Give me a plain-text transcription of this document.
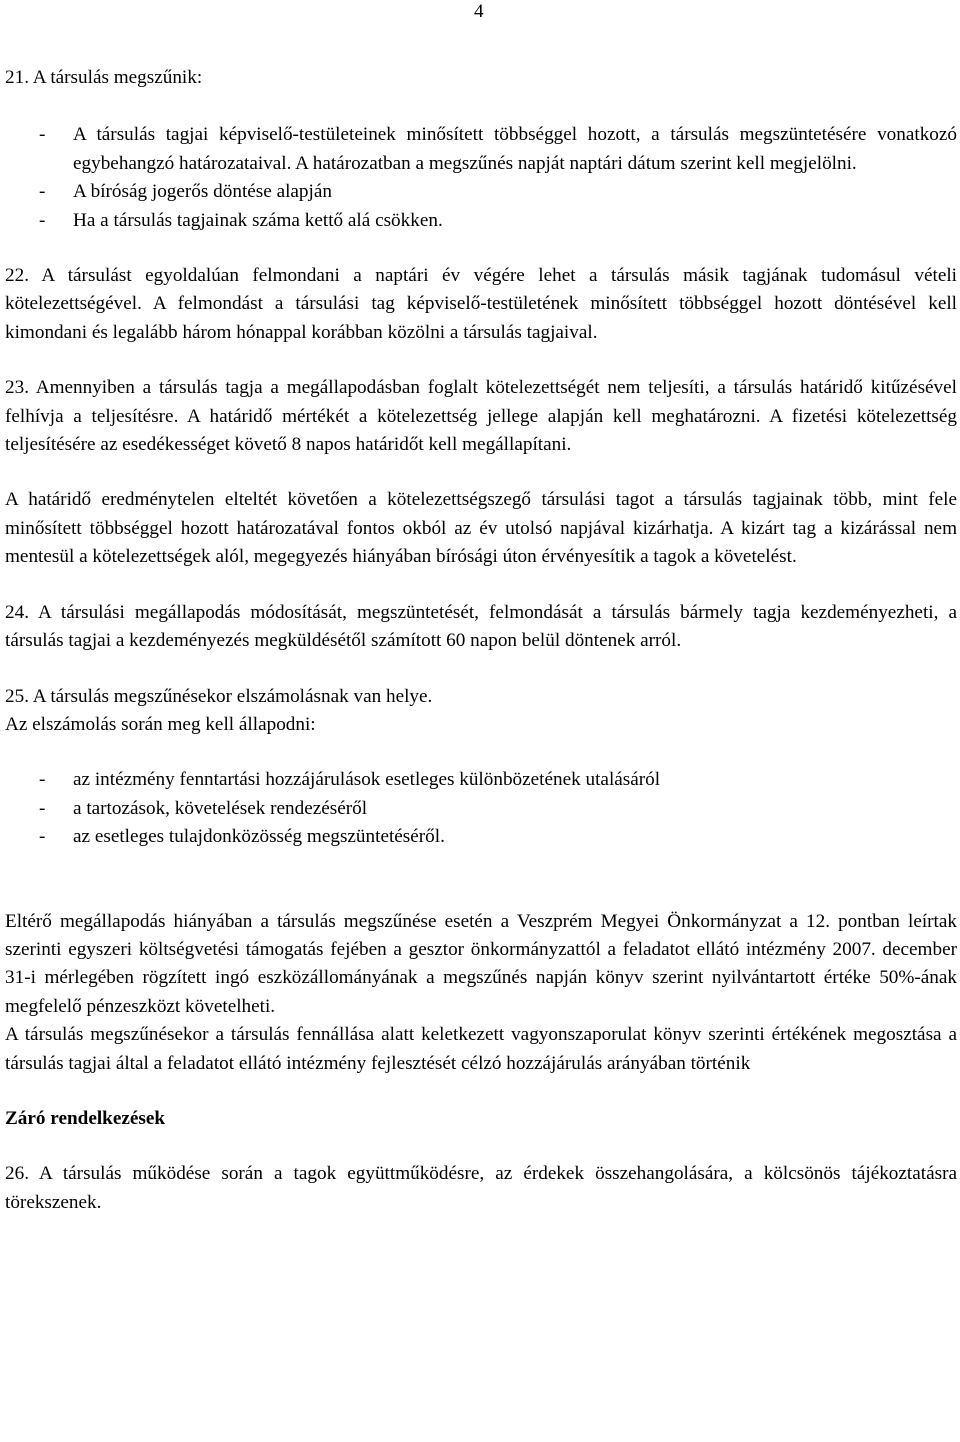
4

21. A társulás megszűnik:

-	A társulás tagjai képviselő-testületeinek minősített többséggel hozott, a társulás megszüntetésére vonatkozó egybehangzó határozataival. A határozatban a megszűnés napját naptári dátum szerint kell megjelölni.
-	A bíróság jogerős döntése alapján
-	Ha a társulás tagjainak száma kettő alá csökken.

22. A társulást egyoldalúan felmondani a naptári év végére lehet a társulás másik tagjának tudomásul vételi kötelezettségével. A felmondást a társulási tag képviselő-testületének minősített többséggel hozott döntésével kell kimondani és legalább három hónappal korábban közölni a társulás tagjaival.

23. Amennyiben a társulás tagja a megállapodásban foglalt kötelezettségét nem teljesíti, a társulás határidő kitűzésével felhívja a teljesítésre. A határidő mértékét a kötelezettség jellege alapján kell meghatározni. A fizetési kötelezettség teljesítésére az esedékességet követő 8 napos határidőt kell megállapítani.

A határidő eredménytelen elteltét követően a kötelezettségszegő társulási tagot a társulás tagjainak több, mint fele minősített többséggel hozott határozatával fontos okból az év utolsó napjával kizárhatja. A kizárt tag a kizárással nem mentesül a kötelezettségek alól, megegyezés hiányában bírósági úton érvényesítik a tagok a követelést.

24. A társulási megállapodás módosítását, megszüntetését, felmondását a társulás bármely tagja kezdeményezheti, a társulás tagjai a kezdeményezés megküldésétől számított 60 napon belül döntenek arról.

25. A társulás megszűnésekor elszámolásnak van helye.

Az elszámolás során meg kell állapodni:

-	az intézmény fenntartási hozzájárulások esetleges különbözetének utalásáról
-	a tartozások, követelések rendezéséről
-	az esetleges tulajdonközösség megszüntetéséről.

Eltérő megállapodás hiányában a társulás megszűnése esetén a Veszprém Megyei Önkormányzat a 12. pontban leírtak szerinti egyszeri költségvetési támogatás fejében a gesztor önkormányzattól a feladatot ellátó intézmény 2007. december 31-i mérlegében rögzített ingó eszközállományának a megszűnés napján könyv szerint nyilvántartott értéke 50%-ának megfelelő pénzeszközt követelheti.

A társulás megszűnésekor a társulás fennállása alatt keletkezett vagyonszaporulat könyv szerinti értékének megosztása a társulás tagjai által a feladatot ellátó intézmény fejlesztését célzó hozzájárulás arányában történik

Záró rendelkezések

26. A társulás működése során a tagok együttműködésre, az érdekek összehangolására, a kölcsönös tájékoztatásra törekszenek.
